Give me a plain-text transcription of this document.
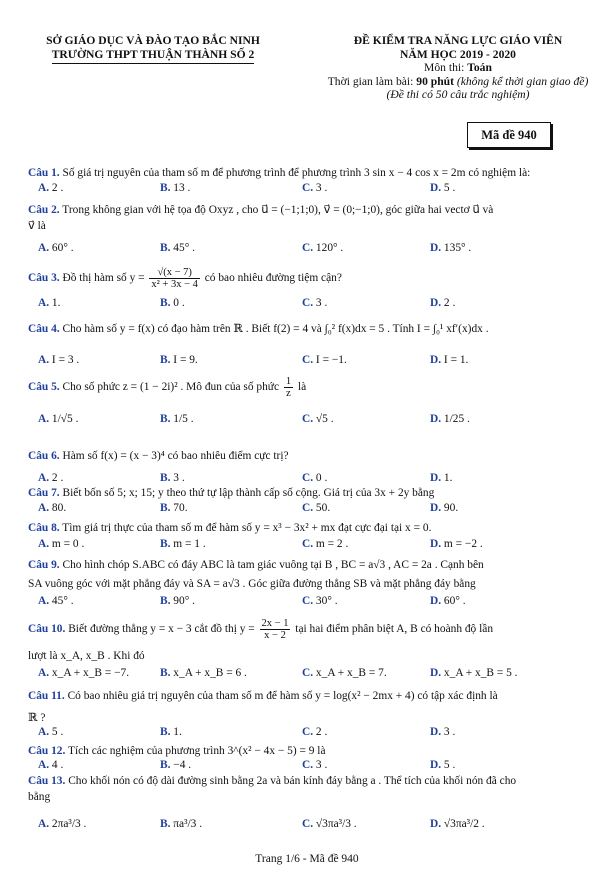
SỞ GIÁO DỤC VÀ ĐÀO TẠO BẮC NINH
TRƯỜNG THPT THUẬN THÀNH SỐ 2
ĐỀ KIỂM TRA NĂNG LỰC GIÁO VIÊN
NĂM HỌC 2019 - 2020
Môn thi: Toán
Thời gian làm bài: 90 phút (không kể thời gian giao đề)
(Đề thi có 50 câu trắc nghiệm)
Mã đề 940
Câu 1. Số giá trị nguyên của tham số m để phương trình để phương trình 3 sin x − 4 cos x = 2m có nghiệm là:
A. 2 .	B. 13 .	C. 3 .	D. 5 .
Câu 2. Trong không gian với hệ tọa độ Oxyz , cho u⃗ = (−1;1;0), v⃗ = (0;−1;0), góc giữa hai vectơ u⃗ và
v⃗ là
A. 60° .	B. 45° .	C. 120° .	D. 135° .
Câu 3. Đồ thị hàm số $y = \frac{√(x - 7)}{\text{x² + 3x − 4}}$ có bao nhiêu đường tiệm cận?
A. 1.	B. 0 .	C. 3 .	D. 2 .
Câu 4. Cho hàm số y = f(x) có đạo hàm trên ℝ . Biết f(2) = 4 và ∫₀² f(x)dx = 5 . Tính I = ∫₀¹ xf′(x)dx .
A. I = 3 .	B. I = 9.	C. I = −1.	D. I = 1.
Câu 5. Cho số phức z = (1 − 2i)² . Mô đun của số phức $\frac{1}{z}$ là
A. 1/√5 .	B. 1/5 .	C. √5 .	D. 1/25 .
Câu 6. Hàm số f(x) = (x − 3)⁴ có bao nhiêu điểm cực trị?
A. 2 .	B. 3 .	C. 0 .	D. 1.
Câu 7. Biết bốn số 5; x; 15; y theo thứ tự lập thành cấp số cộng. Giá trị của 3x + 2y bằng
A. 80.	B. 70.	C. 50.	D. 90.
Câu 8. Tìm giá trị thực của tham số m để hàm số y = x³ − 3x² + mx đạt cực đại tại x = 0.
A. m = 0 .	B. m = 1 .	C. m = 2 .	D. m = −2 .
Câu 9. Cho hình chóp S.ABC có đáy ABC là tam giác vuông tại B , BC = a√3 , AC = 2a . Cạnh bên
SA vuông góc với mặt phẳng đáy và SA = a√3 . Góc giữa đường thẳng SB và mặt phẳng đáy bằng
A. 45° .	B. 90° .	C. 30° .	D. 60° .
Câu 10. Biết đường thẳng y = x − 3 cắt đồ thị $y = \frac{2x - 1}{x - 2}$ tại hai điểm phân biệt A, B có hoành độ lần
lượt là x_A, x_B . Khi đó
A. x_A + x_B = −7.	B. x_A + x_B = 6 .	C. x_A + x_B = 7.	D. x_A + x_B = 5 .
Câu 11. Có bao nhiêu giá trị nguyên của tham số m để hàm số y = log(x² − 2mx + 4) có tập xác định là
ℝ ?
A. 5 .	B. 1.	C. 2 .	D. 3 .
Câu 12. Tích các nghiệm của phương trình 3^(x² − 4x − 5) = 9 là
A. 4 .	B. −4 .	C. 3 .	D. 5 .
Câu 13. Cho khối nón có độ dài đường sinh bằng 2a và bán kính đáy bằng a . Thể tích của khối nón đã cho
bằng
A. 2πa³/3 .	B. πa³/3 .	C. √3πa³/3 .	D. √3πa³/2 .
Trang 1/6 - Mã đề 940
